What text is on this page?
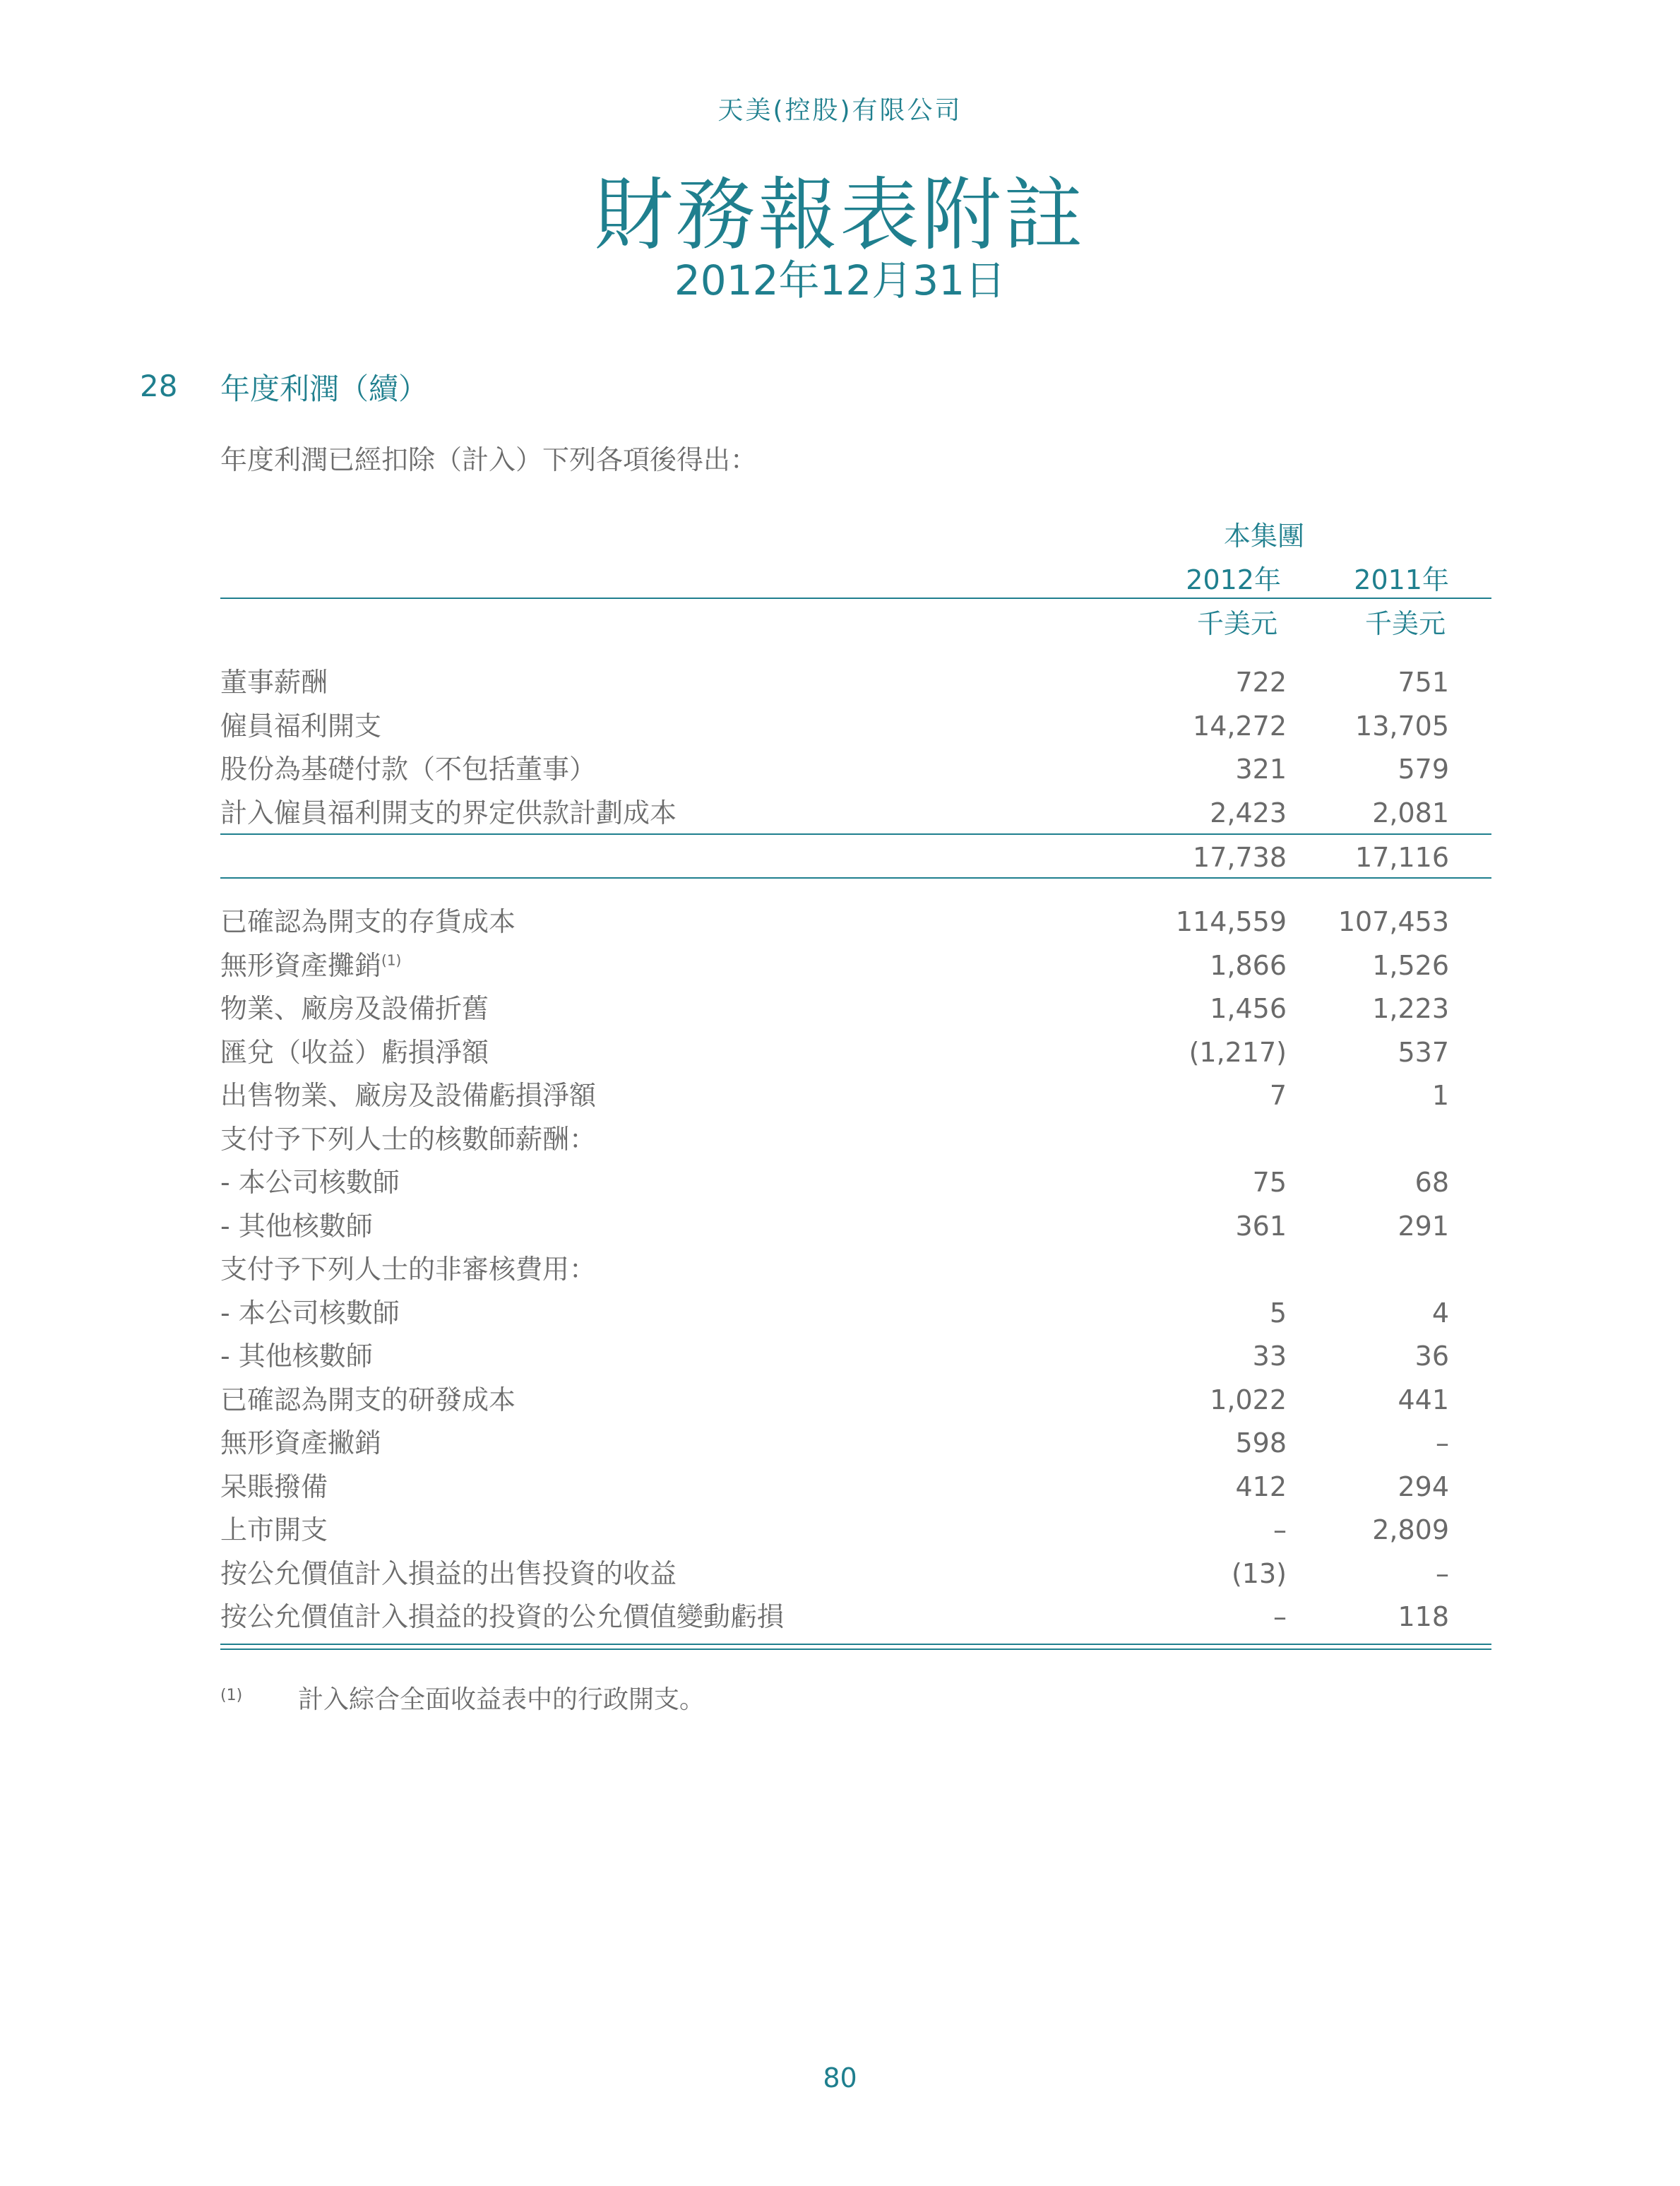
天美(控股)有限公司
財務報表附註
2012年12月31日
28 年度利潤（續）
年度利潤已經扣除（計入）下列各項後得出：
本集團
2012年	2011年
千美元	千美元
董事薪酬	722	751
僱員福利開支	14,272	13,705
股份為基礎付款（不包括董事）	321	579
計入僱員福利開支的界定供款計劃成本	2,423	2,081
17,738	17,116
已確認為開支的存貨成本	114,559 107,453
無形資產攤銷$^{(1)}$	1,866	1,526
物業、廠房及設備折舊	1,456	1,223
匯兌（收益）虧損淨額	(1,217)	537
出售物業、廠房及設備虧損淨額	7	1
支付予下列人士的核數師薪酬：
- 本公司核數師	75	68
- 其他核數師	361	291
支付予下列人士的非審核費用：
- 本公司核數師	5	4
- 其他核數師	33	36
已確認為開支的研發成本	1,022	441
無形資產撇銷	598	–
呆賬撥備	412	294
上市開支	–	2,809
按公允價值計入損益的出售投資的收益	(13)	–
按公允價值計入損益的投資的公允價值變動虧損	–	118
(1) 計入綜合全面收益表中的行政開支。
80
